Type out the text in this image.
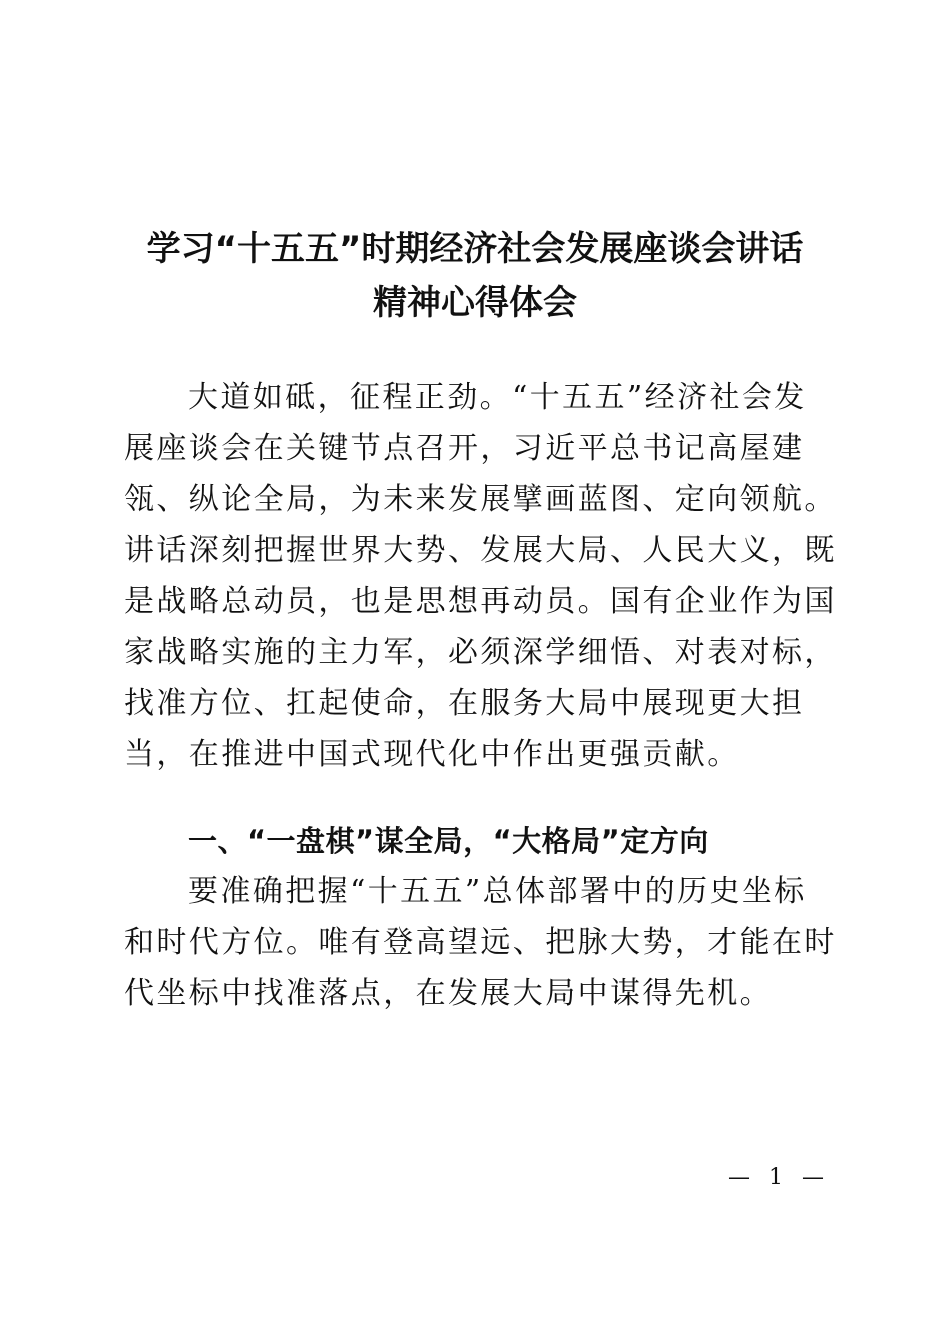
学习“十五五”时期经济社会发展座谈会讲话
精神心得体会
大道如砥，征程正劲。“十五五”经济社会发
展座谈会在关键节点召开，习近平总书记高屋建
瓴、纵论全局，为未来发展擘画蓝图、定向领航。
讲话深刻把握世界大势、发展大局、人民大义，既
是战略总动员，也是思想再动员。国有企业作为国
家战略实施的主力军，必须深学细悟、对表对标，
找准方位、扛起使命，在服务大局中展现更大担
当，在推进中国式现代化中作出更强贡献。
一、“一盘棋”谋全局，“大格局”定方向
要准确把握“十五五”总体部署中的历史坐标
和时代方位。唯有登高望远、把脉大势，才能在时
代坐标中找准落点，在发展大局中谋得先机。
— 1 —
